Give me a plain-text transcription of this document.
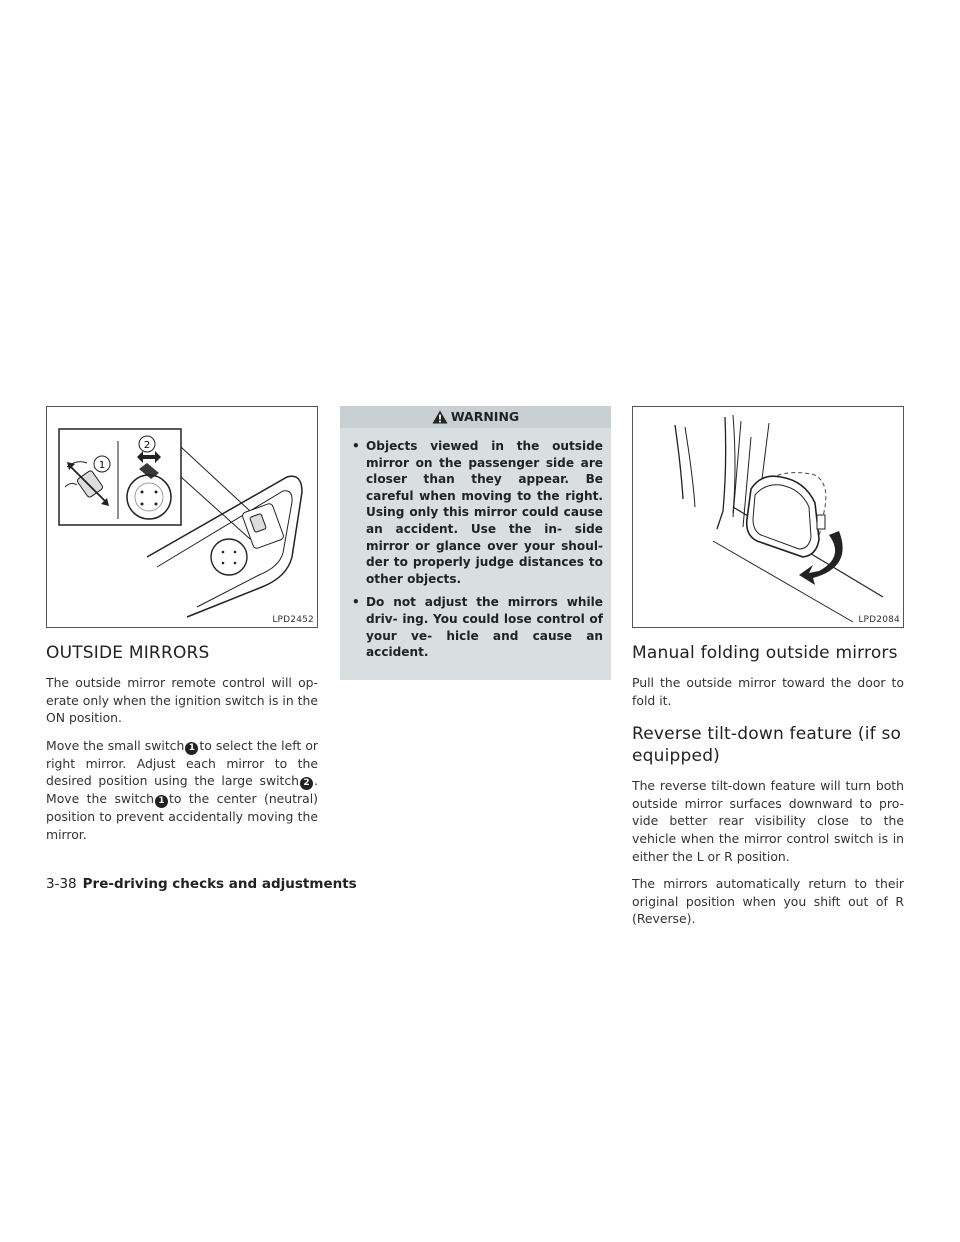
1
2
LPD2452
OUTSIDE MIRRORS

The outside mirror remote control will op- erate only when the ignition switch is in the ON position.

Move the small switch 1 to select the left or right mirror. Adjust each mirror to the desired position using the large switch 2 . Move the switch 1 to the center (neutral) position to prevent accidentally moving the mirror.

WARNING
• Objects viewed in the outside mirror on the passenger side are closer than they appear. Be careful when moving to the right. Using only this mirror could cause an accident. Use the in- side mirror or glance over your shoul- der to properly judge distances to other objects.
• Do not adjust the mirrors while driv- ing. You could lose control of your ve- hicle and cause an accident.
LPD2084
Manual folding outside mirrors

Pull the outside mirror toward the door to fold it.

Reverse tilt-down feature (if so equipped)

The reverse tilt-down feature will turn both outside mirror surfaces downward to pro- vide better rear visibility close to the vehicle when the mirror control switch is in either the L or R position.

The mirrors automatically return to their original position when you shift out of R (Reverse).

3-38 Pre-driving checks and adjustments
